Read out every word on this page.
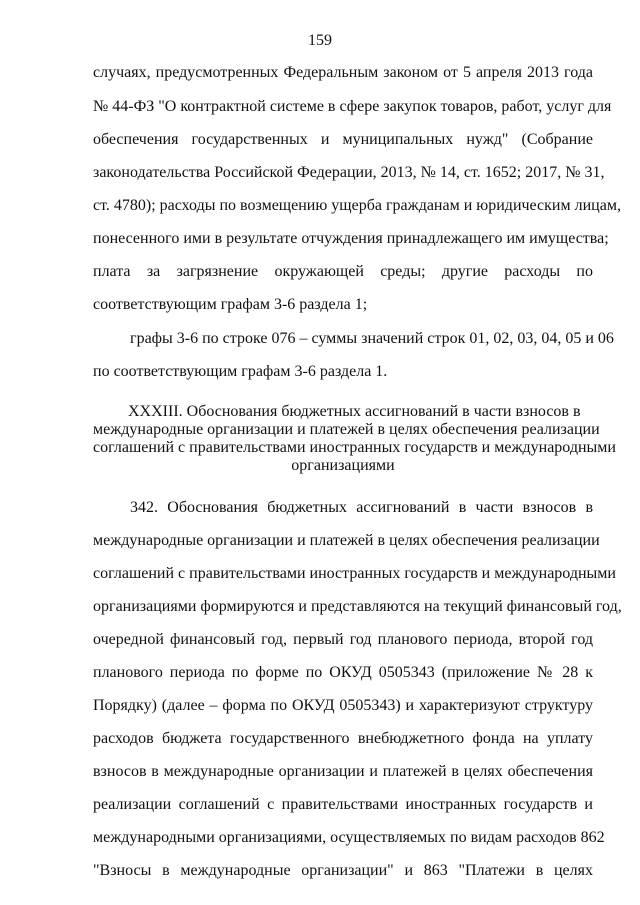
159
случаях, предусмотренных Федеральным законом от 5 апреля 2013 года
№ 44-ФЗ "О контрактной системе в сфере закупок товаров, работ, услуг для
обеспечения государственных и муниципальных нужд" (Собрание
законодательства Российской Федерации, 2013, № 14, ст. 1652; 2017, № 31,
ст. 4780); расходы по возмещению ущерба гражданам и юридическим лицам,
понесенного ими в результате отчуждения принадлежащего им имущества;
плата за загрязнение окружающей среды; другие расходы по
соответствующим графам 3-6 раздела 1;
графы 3-6 по строке 076 – суммы значений строк 01, 02, 03, 04, 05 и 06
по соответствующим графам 3-6 раздела 1.
XXXIII. Обоснования бюджетных ассигнований в части взносов в
международные организации и платежей в целях обеспечения реализации
соглашений с правительствами иностранных государств и международными
организациями
342. Обоснования бюджетных ассигнований в части взносов в
международные организации и платежей в целях обеспечения реализации
соглашений с правительствами иностранных государств и международными
организациями формируются и представляются на текущий финансовый год,
очередной финансовый год, первый год планового периода, второй год
планового периода по форме по ОКУД 0505343 (приложение № 28 к
Порядку) (далее – форма по ОКУД 0505343) и характеризуют структуру
расходов бюджета государственного внебюджетного фонда на уплату
взносов в международные организации и платежей в целях обеспечения
реализации соглашений с правительствами иностранных государств и
международными организациями, осуществляемых по видам расходов 862
"Взносы в международные организации" и 863 "Платежи в целях
